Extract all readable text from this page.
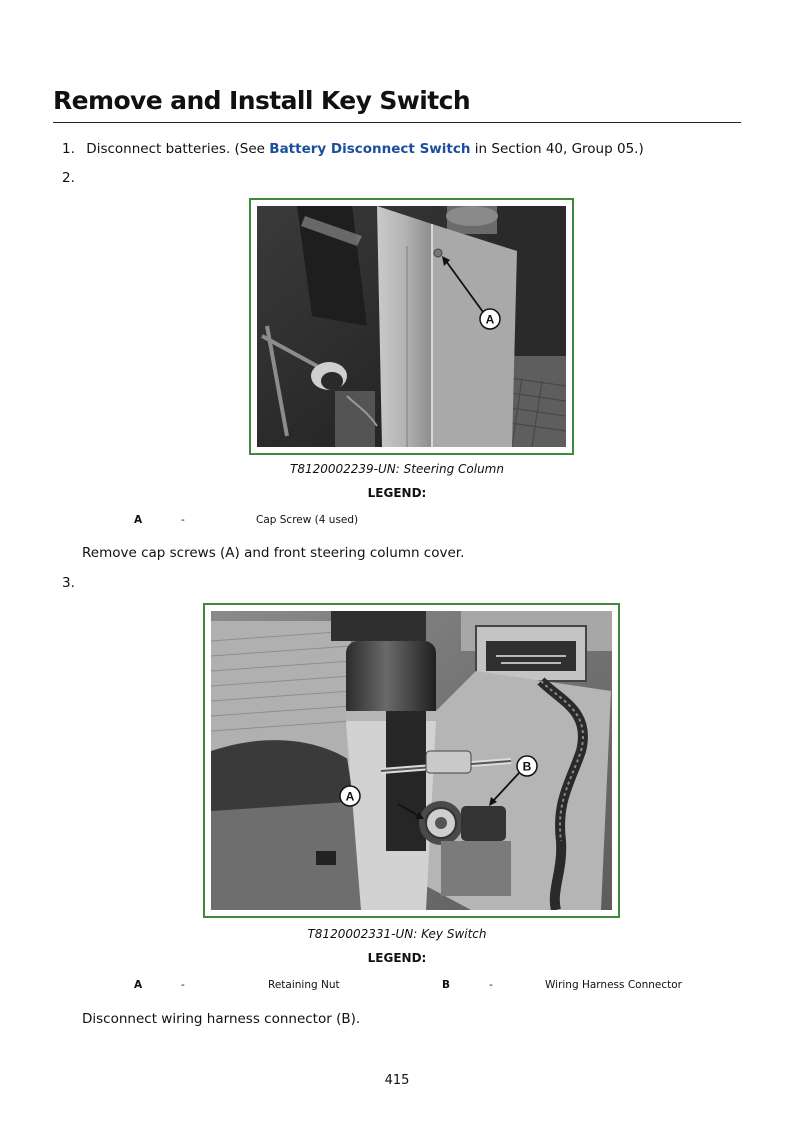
Remove and Install Key Switch
1. Disconnect batteries. (See Battery Disconnect Switch in Section 40, Group 05.)
2.
A
T8120002239-UN: Steering Column
LEGEND:
A	-	Cap Screw (4 used)
Remove cap screws (A) and front steering column cover.
3.
A
B
T8120002331-UN: Key Switch
LEGEND:
A	-	Retaining Nut	B	-	Wiring Harness Connector
Disconnect wiring harness connector (B).
415
